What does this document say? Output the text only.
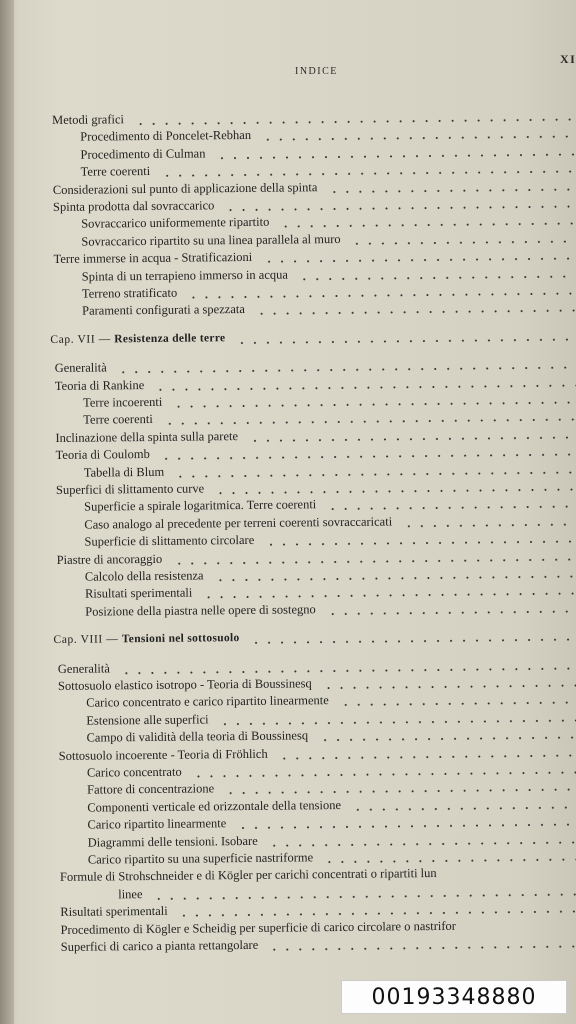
INDICE
XI
Metodi grafici
Procedimento di Poncelet-Rebhan
Procedimento di Culman
Terre coerenti
Considerazioni sul punto di applicazione della spinta
Spinta prodotta dal sovraccarico
Sovraccarico uniformemente ripartito
Sovraccarico ripartito su una linea parallela al muro
Terre immerse in acqua - Stratificazioni
Spinta di un terrapieno immerso in acqua
Terreno stratificato
Paramenti configurati a spezzata
Cap. VII — Resistenza delle terre
Generalità
Teoria di Rankine
Terre incoerenti
Terre coerenti
Inclinazione della spinta sulla parete
Teoria di Coulomb
Tabella di Blum
Superfici di slittamento curve
Superficie a spirale logaritmica. Terre coerenti
Caso analogo al precedente per terreni coerenti sovraccaricati
Superficie di slittamento circolare
Piastre di ancoraggio
Calcolo della resistenza
Risultati sperimentali
Posizione della piastra nelle opere di sostegno
Cap. VIII — Tensioni nel sottosuolo
Generalità
Sottosuolo elastico isotropo - Teoria di Boussinesq
Carico concentrato e carico ripartito linearmente
Estensione alle superfici
Campo di validità della teoria di Boussinesq
Sottosuolo incoerente - Teoria di Fröhlich
Carico concentrato
Fattore di concentrazione
Componenti verticale ed orizzontale della tensione
Carico ripartito linearmente
Diagrammi delle tensioni. Isobare
Carico ripartito su una superficie nastriforme
Formule di Strohschneider e di Kögler per carichi concentrati o ripartiti lun
linee
Risultati sperimentali
Procedimento di Kögler e Scheidig per superficie di carico circolare o nastrifor
Superfici di carico a pianta rettangolare
00193348880
